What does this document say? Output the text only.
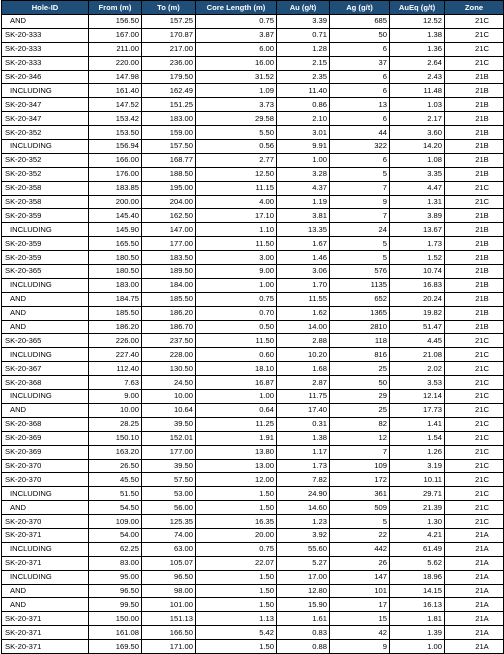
Hole-ID	From (m)	To (m)	Core Length (m)	Au (g/t)	Ag (g/t)	AuEq (g/t)	Zone
AND	156.50	157.25	0.75	3.39	685	12.52	21C
SK-20-333	167.00	170.87	3.87	0.71	50	1.38	21C
SK-20-333	211.00	217.00	6.00	1.28	6	1.36	21C
SK-20-333	220.00	236.00	16.00	2.15	37	2.64	21C
SK-20-346	147.98	179.50	31.52	2.35	6	2.43	21B
INCLUDING	161.40	162.49	1.09	11.40	6	11.48	21B
SK-20-347	147.52	151.25	3.73	0.86	13	1.03	21B
SK-20-347	153.42	183.00	29.58	2.10	6	2.17	21B
SK-20-352	153.50	159.00	5.50	3.01	44	3.60	21B
INCLUDING	156.94	157.50	0.56	9.91	322	14.20	21B
SK-20-352	166.00	168.77	2.77	1.00	6	1.08	21B
SK-20-352	176.00	188.50	12.50	3.28	5	3.35	21B
SK-20-358	183.85	195.00	11.15	4.37	7	4.47	21C
SK-20-358	200.00	204.00	4.00	1.19	9	1.31	21C
SK-20-359	145.40	162.50	17.10	3.81	7	3.89	21B
INCLUDING	145.90	147.00	1.10	13.35	24	13.67	21B
SK-20-359	165.50	177.00	11.50	1.67	5	1.73	21B
SK-20-359	180.50	183.50	3.00	1.46	5	1.52	21B
SK-20-365	180.50	189.50	9.00	3.06	576	10.74	21B
INCLUDING	183.00	184.00	1.00	1.70	1135	16.83	21B
AND	184.75	185.50	0.75	11.55	652	20.24	21B
AND	185.50	186.20	0.70	1.62	1365	19.82	21B
AND	186.20	186.70	0.50	14.00	2810	51.47	21B
SK-20-365	226.00	237.50	11.50	2.88	118	4.45	21C
INCLUDING	227.40	228.00	0.60	10.20	816	21.08	21C
SK-20-367	112.40	130.50	18.10	1.68	25	2.02	21C
SK-20-368	7.63	24.50	16.87	2.87	50	3.53	21C
INCLUDING	9.00	10.00	1.00	11.75	29	12.14	21C
AND	10.00	10.64	0.64	17.40	25	17.73	21C
SK-20-368	28.25	39.50	11.25	0.31	82	1.41	21C
SK-20-369	150.10	152.01	1.91	1.38	12	1.54	21C
SK-20-369	163.20	177.00	13.80	1.17	7	1.26	21C
SK-20-370	26.50	39.50	13.00	1.73	109	3.19	21C
SK-20-370	45.50	57.50	12.00	7.82	172	10.11	21C
INCLUDING	51.50	53.00	1.50	24.90	361	29.71	21C
AND	54.50	56.00	1.50	14.60	509	21.39	21C
SK-20-370	109.00	125.35	16.35	1.23	5	1.30	21C
SK-20-371	54.00	74.00	20.00	3.92	22	4.21	21A
INCLUDING	62.25	63.00	0.75	55.60	442	61.49	21A
SK-20-371	83.00	105.07	22.07	5.27	26	5.62	21A
INCLUDING	95.00	96.50	1.50	17.00	147	18.96	21A
AND	96.50	98.00	1.50	12.80	101	14.15	21A
AND	99.50	101.00	1.50	15.90	17	16.13	21A
SK-20-371	150.00	151.13	1.13	1.61	15	1.81	21A
SK-20-371	161.08	166.50	5.42	0.83	42	1.39	21A
SK-20-371	169.50	171.00	1.50	0.88	9	1.00	21A
